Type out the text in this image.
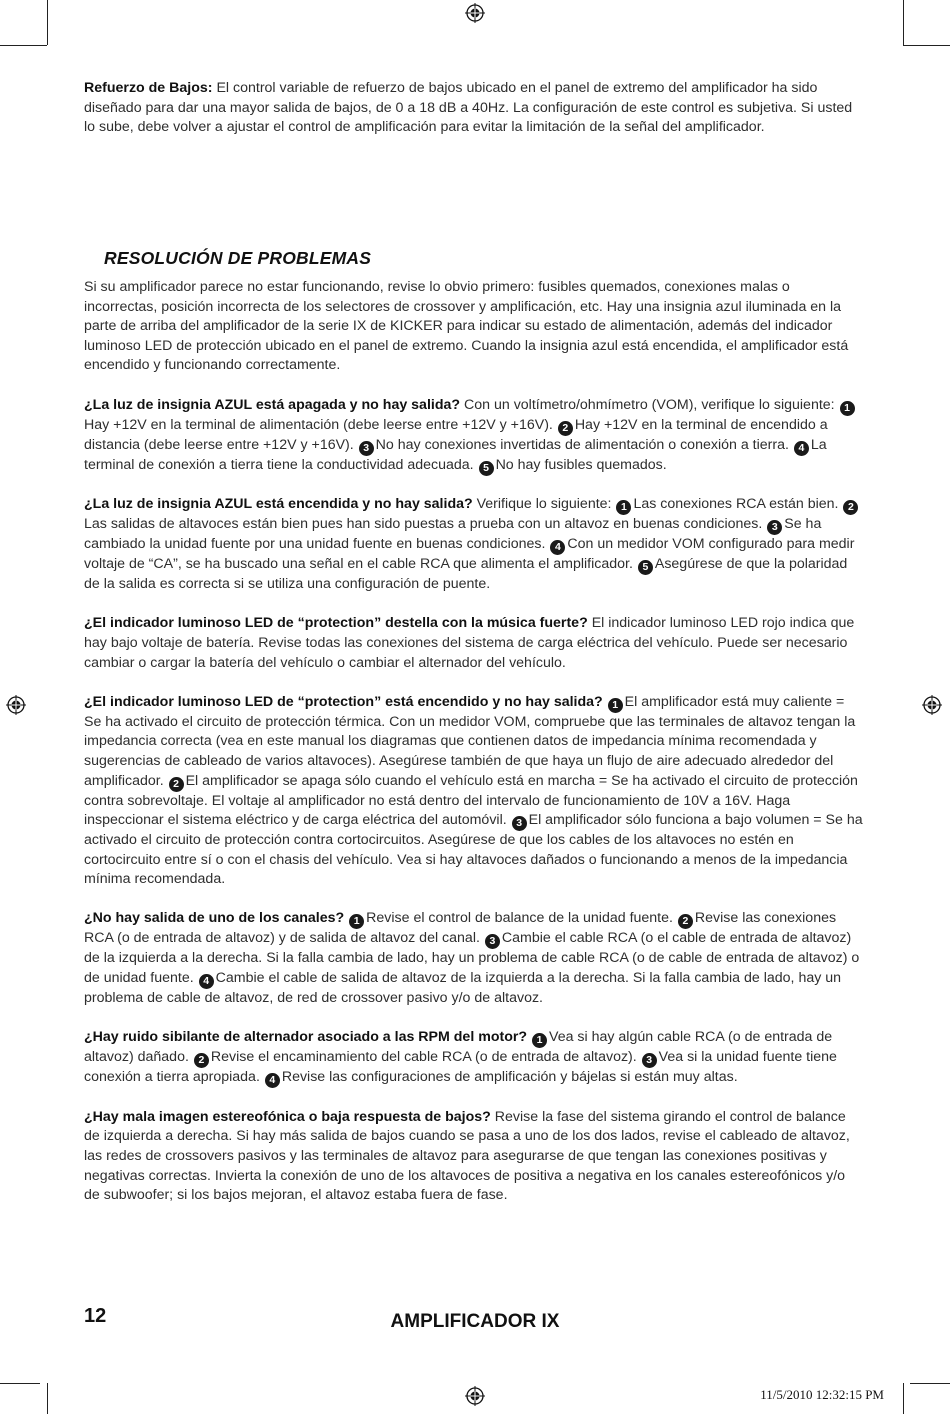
Refuerzo de Bajos: El control variable de refuerzo de bajos ubicado en el panel de extremo del amplificador ha sido diseñado para dar una mayor salida de bajos, de 0 a 18 dB a 40Hz. La configuración de este control es subjetiva. Si usted lo sube, debe volver a ajustar el control de amplificación para evitar la limitación de la señal del amplificador.

RESOLUCIÓN DE PROBLEMAS

Si su amplificador parece no estar funcionando, revise lo obvio primero: fusibles quemados, conexiones malas o incorrectas, posición incorrecta de los selectores de crossover y amplificación, etc. Hay una insignia azul iluminada en la parte de arriba del amplificador de la serie IX de KICKER para indicar su estado de alimentación, además del indicador luminoso LED de protección ubicado en el panel de extremo. Cuando la insignia azul está encendida, el amplificador está encendido y funcionando correctamente.

¿La luz de insignia AZUL está apagada y no hay salida? Con un voltímetro/ohmímetro (VOM), verifique lo siguiente: 1Hay +12V en la terminal de alimentación (debe leerse entre +12V y +16V). 2 Hay +12V en la terminal de encendido a distancia (debe leerse entre +12V y +16V). 3 No hay conexiones invertidas de alimentación o conexión a tierra. 4 La terminal de conexión a tierra tiene la conductividad adecuada. 5 No hay fusibles quemados.

¿La luz de insignia AZUL está encendida y no hay salida? Verifique lo siguiente: 1 Las conexiones RCA están bien. 2Las salidas de altavoces están bien pues han sido puestas a prueba con un altavoz en buenas condiciones. 3 Se ha cambiado la unidad fuente por una unidad fuente en buenas condiciones. 4 Con un medidor VOM configurado para medir voltaje de “CA”, se ha buscado una señal en el cable RCA que alimenta el amplificador. 5 Asegúrese de que la polaridad de la salida es correcta si se utiliza una configuración de puente.

¿El indicador luminoso LED de “protection” destella con la música fuerte? El indicador luminoso LED rojo indica que hay bajo voltaje de batería. Revise todas las conexiones del sistema de carga eléctrica del vehículo. Puede ser necesario cambiar o cargar la batería del vehículo o cambiar el alternador del vehículo.

¿El indicador luminoso LED de “protection” está encendido y no hay salida? 1 El amplificador está muy caliente = Se ha activado el circuito de protección térmica. Con un medidor VOM, compruebe que las terminales de altavoz tengan la impedancia correcta (vea en este manual los diagramas que contienen datos de impedancia mínima recomendada y sugerencias de cableado de varios altavoces). Asegúrese también de que haya un flujo de aire adecuado alrededor del amplificador. 2 El amplificador se apaga sólo cuando el vehículo está en marcha = Se ha activado el circuito de protección contra sobrevoltaje. El voltaje al amplificador no está dentro del intervalo de funcionamiento de 10V a 16V. Haga inspeccionar el sistema eléctrico y de carga eléctrica del automóvil. 3 El amplificador sólo funciona a bajo volumen = Se ha activado el circuito de protección contra cortocircuitos. Asegúrese de que los cables de los altavoces no estén en cortocircuito entre sí o con el chasis del vehículo. Vea si hay altavoces dañados o funcionando a menos de la impedancia mínima recomendada.

¿No hay salida de uno de los canales? 1 Revise el control de balance de la unidad fuente. 2 Revise las conexiones RCA (o de entrada de altavoz) y de salida de altavoz del canal. 3 Cambie el cable RCA (o el cable de entrada de altavoz) de la izquierda a la derecha. Si la falla cambia de lado, hay un problema de cable RCA (o de cable de entrada de altavoz) o de unidad fuente. 4 Cambie el cable de salida de altavoz de la izquierda a la derecha. Si la falla cambia de lado, hay un problema de cable de altavoz, de red de crossover pasivo y/o de altavoz.

¿Hay ruido sibilante de alternador asociado a las RPM del motor? 1 Vea si hay algún cable RCA (o de entrada de altavoz) dañado. 2 Revise el encaminamiento del cable RCA (o de entrada de altavoz). 3 Vea si la unidad fuente tiene conexión a tierra apropiada. 4 Revise las configuraciones de amplificación y bájelas si están muy altas.

¿Hay mala imagen estereofónica o baja respuesta de bajos? Revise la fase del sistema girando el control de balance de izquierda a derecha. Si hay más salida de bajos cuando se pasa a uno de los dos lados, revise el cableado de altavoz, las redes de crossovers pasivos y las terminales de altavoz para asegurarse de que tengan las conexiones positivas y negativas correctas. Invierta la conexión de uno de los altavoces de positiva a negativa en los canales estereofónicos y/o de subwoofer; si los bajos mejoran, el altavoz estaba fuera de fase.

12	AMPLIFICADOR IX
11/5/2010 12:32:15 PM
